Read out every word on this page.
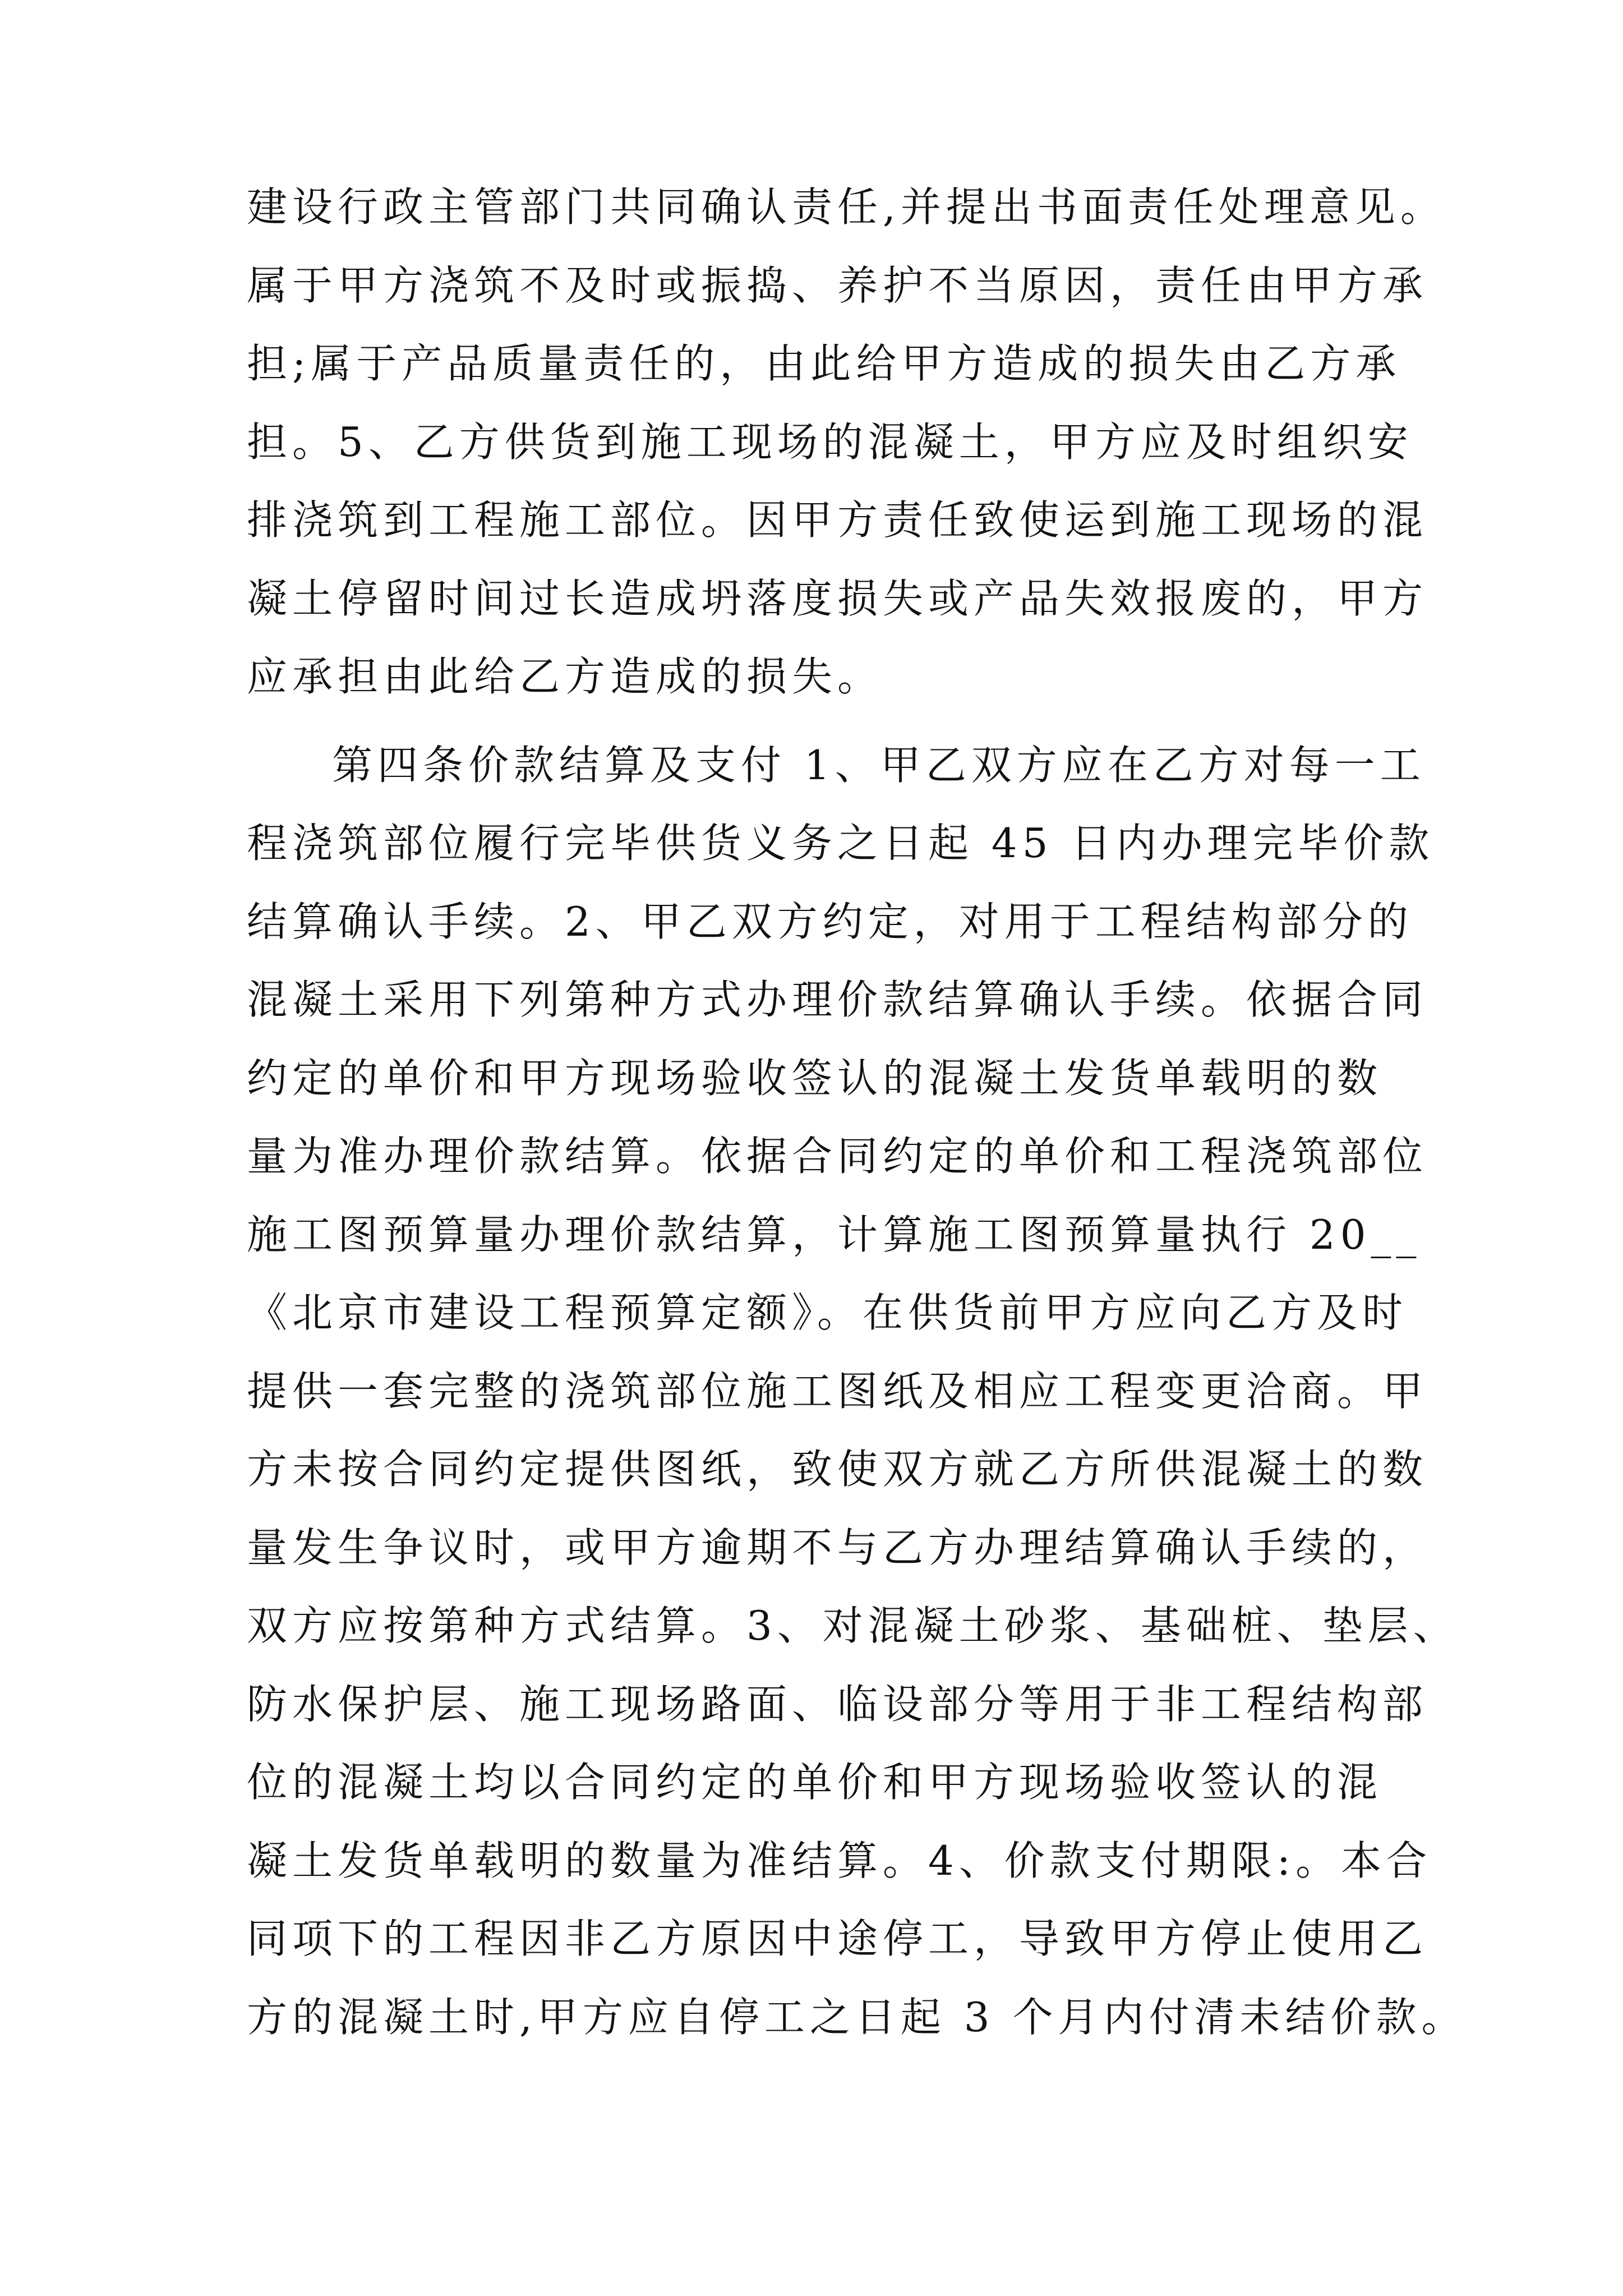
建设行政主管部门共同确认责任,并提出书面责任处理意见。
属于甲方浇筑不及时或振捣、养护不当原因，责任由甲方承
担;属于产品质量责任的，由此给甲方造成的损失由乙方承
担。5、乙方供货到施工现场的混凝土，甲方应及时组织安
排浇筑到工程施工部位。因甲方责任致使运到施工现场的混
凝土停留时间过长造成坍落度损失或产品失效报废的，甲方
应承担由此给乙方造成的损失。
第四条价款结算及支付 1、甲乙双方应在乙方对每一工
程浇筑部位履行完毕供货义务之日起 45 日内办理完毕价款
结算确认手续。2、甲乙双方约定，对用于工程结构部分的
混凝土采用下列第种方式办理价款结算确认手续。依据合同
约定的单价和甲方现场验收签认的混凝土发货单载明的数
量为准办理价款结算。依据合同约定的单价和工程浇筑部位
施工图预算量办理价款结算，计算施工图预算量执行 20__
《北京市建设工程预算定额》。在供货前甲方应向乙方及时
提供一套完整的浇筑部位施工图纸及相应工程变更洽商。甲
方未按合同约定提供图纸，致使双方就乙方所供混凝土的数
量发生争议时，或甲方逾期不与乙方办理结算确认手续的，
双方应按第种方式结算。3、对混凝土砂浆、基础桩、垫层、
防水保护层、施工现场路面、临设部分等用于非工程结构部
位的混凝土均以合同约定的单价和甲方现场验收签认的混
凝土发货单载明的数量为准结算。4、价款支付期限:。本合
同项下的工程因非乙方原因中途停工，导致甲方停止使用乙
方的混凝土时,甲方应自停工之日起 3 个月内付清未结价款。
